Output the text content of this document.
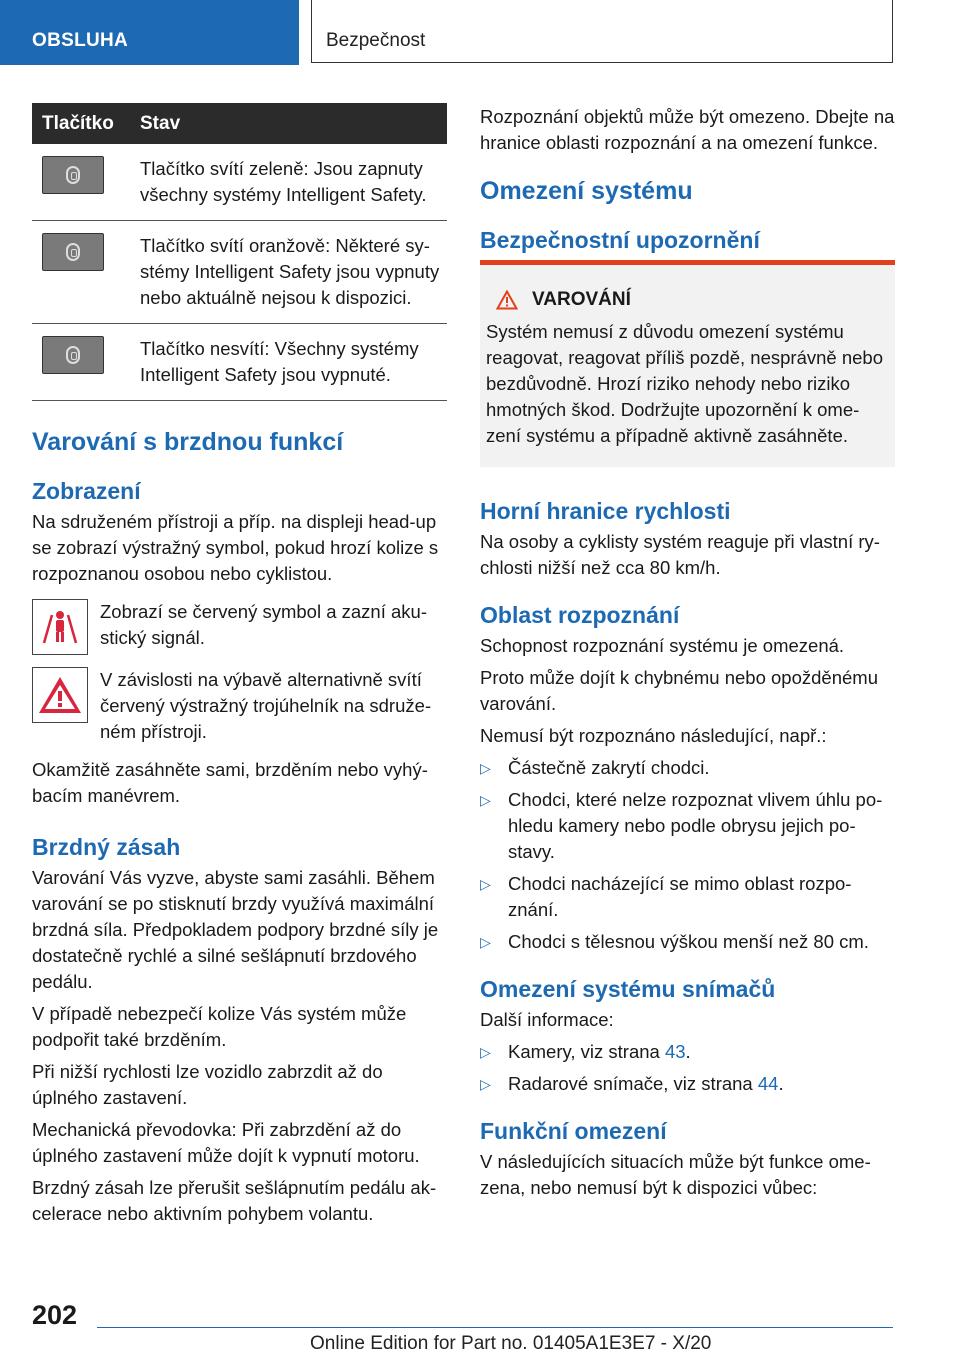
OBSLUHA	Bezpečnost
Tlačítko	Stav

	Tlačítko svítí zeleně: Jsou zapnuty všechny systémy Intelligent Safety.

	Tlačítko svítí oranžově: Některé systémy Intelligent Safety jsou vypnuty nebo aktuálně nejsou k dispozici.

	Tlačítko nesvítí: Všechny systémy Intelligent Safety jsou vypnuté.
Varování s brzdnou funkcí
Zobrazení

Na sdruženém přístroji a příp. na displeji head-up se zobrazí výstražný symbol, pokud hrozí kolize s rozpoznanou osobou nebo cyklistou.

Zobrazí se červený symbol a zazní akustický signál.
V závislosti na výbavě alternativně svítí červený výstražný trojúhelník na sdruženém přístroji.

Okamžitě zasáhněte sami, brzděním nebo vyhýbacím manévrem.

Brzdný zásah

Varování Vás vyzve, abyste sami zasáhli. Během varování se po stisknutí brzdy využívá maximální brzdná síla. Předpokladem podpory brzdné síly je dostatečně rychlé a silné sešlápnutí brzdového pedálu.

V případě nebezpečí kolize Vás systém může podpořit také brzděním.

Při nižší rychlosti lze vozidlo zabrzdit až do úplného zastavení.

Mechanická převodovka: Při zabrzdění až do úplného zastavení může dojít k vypnutí motoru.

Brzdný zásah lze přerušit sešlápnutím pedálu akcelerace nebo aktivním pohybem volantu.

Rozpoznání objektů může být omezeno. Dbejte na hranice oblasti rozpoznání a na omezení funkce.

Omezení systému
Bezpečnostní upozornění
VAROVÁNÍ
Systém nemusí z důvodu omezení systému reagovat, reagovat příliš pozdě, nesprávně nebo bezdůvodně. Hrozí riziko nehody nebo riziko hmotných škod. Dodržujte upozornění k omezení systému a případně aktivně zasáhněte.
Horní hranice rychlosti

Na osoby a cyklisty systém reaguje při vlastní rychlosti nižší než cca 80 km/h.

Oblast rozpoznání

Schopnost rozpoznání systému je omezená.

Proto může dojít k chybnému nebo opožděnému varování.

Nemusí být rozpoznáno následující, např.:

▷ Částečně zakrytí chodci.
▷ Chodci, které nelze rozpoznat vlivem úhlu pohledu kamery nebo podle obrysu jejich postavy.
▷ Chodci nacházející se mimo oblast rozpoznání.
▷ Chodci s tělesnou výškou menší než 80 cm.
Omezení systému snímačů

Další informace:

▷ Kamery, viz strana 43.
▷ Radarové snímače, viz strana 44.
Funkční omezení

V následujících situacích může být funkce omezena, nebo nemusí být k dispozici vůbec:

202
Online Edition for Part no. 01405A1E3E7 - X/20
